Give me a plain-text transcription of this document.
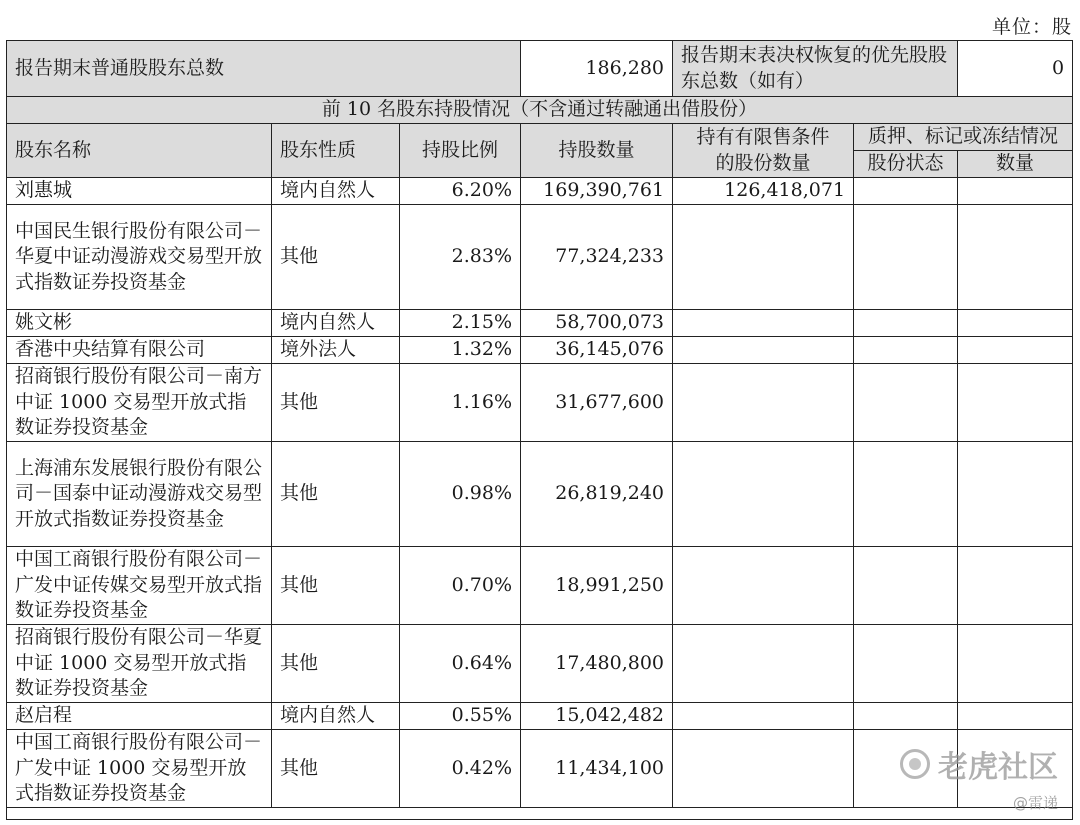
单位：股
报告期末普通股股东总数			186,280	报告期末表决权恢复的优先股股东总数（如有）		0
前 10 名股东持股情况（不含通过转融通出借股份）						
股东名称	股东性质	持股比例	持股数量	持有有限售条件的股份数量	质押、标记或冻结情况	
					股份状态	数量
刘惠城	境内自然人	6.20%	169,390,761	126,418,071		
中国民生银行股份有限公司－华夏中证动漫游戏交易型开放式指数证券投资基金	其他	2.83%	77,324,233			
姚文彬	境内自然人	2.15%	58,700,073			
香港中央结算有限公司	境外法人	1.32%	36,145,076			
招商银行股份有限公司－南方中证 1000 交易型开放式指数证券投资基金	其他	1.16%	31,677,600			
上海浦东发展银行股份有限公司－国泰中证动漫游戏交易型开放式指数证券投资基金	其他	0.98%	26,819,240			
中国工商银行股份有限公司－广发中证传媒交易型开放式指数证券投资基金	其他	0.70%	18,991,250			
招商银行股份有限公司－华夏中证 1000 交易型开放式指数证券投资基金	其他	0.64%	17,480,800			
赵启程	境内自然人	0.55%	15,042,482			
中国工商银行股份有限公司－广发中证 1000 交易型开放式指数证券投资基金	其他	0.42%	11,434,100				老虎社区
@雷递
